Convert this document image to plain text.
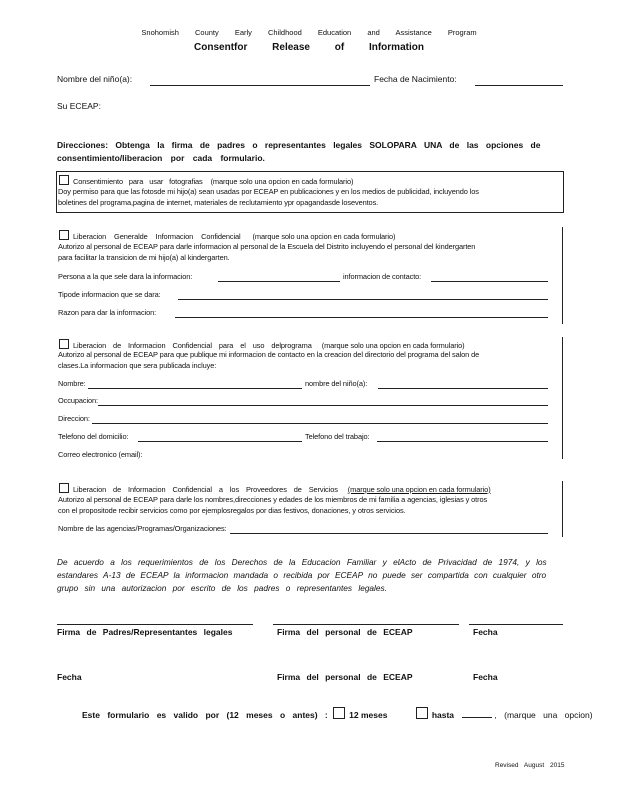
Snohomish County Early Childhood Education and Assistance Program
Consentfor Release of Information
Nombre del niño(a):	Fecha de Nacimiento:
Su ECEAP:
Direcciones: Obtenga la firma de padres o representantes legales SOLOPARA UNA de las opciones de
consentimiento/liberacion por cada formulario.
Consentimiento para usar fotografias (marque solo una opcion en cada formulario)
Doy permiso para que las fotosde mi hijo(a) sean usadas por ECEAP en publicaciones y en los medios de publicidad, incluyendo los
boletines del programa,pagina de internet, materiales de reclutamiento ypr opagandasde loseventos.
Liberacion Generalde Informacion Confidencial (marque solo una opcion en cada formulario)
Autorizo al personal de ECEAP para darle informacion al personal de la Escuela del Distrito incluyendo el personal del kindergarten
para facilitar la transicion de mi hijo(a) al kindergarten.
Persona a la que sele dara la informacion:	informacion de contacto:
Tipode informacion que se dara:
Razon para dar la informacion:
Liberacion de Informacion Confidencial para el uso delprograma (marque solo una opcion en cada formulario)
Autorizo al personal de ECEAP para que publique mi informacion de contacto en la creacion del directorio del programa del salon de
clases.La informacion que sera publicada incluye:
Nombre:	nombre del niño(a):
Occupacion:
Direccion:
Telefono del domicilio:	Telefono del trabajo:
Correo electronico (email):
Liberacion de Informacion Confidencial a los Proveedores de Servicios (marque solo una opcion en cada formulario)
Autorizo al personal de ECEAP para darle los nombres,direcciones y edades de los miembros de mi familia a agencias, iglesias y otros
con el propositode recibir servicios como por ejemplosregalos por dias festivos, donaciones, y otros servicios.
Nombre de las agencias/Programas/Organizaciones:
De acuerdo a los requerimientos de los Derechos de la Educacion Familiar y elActo de Privacidad de 1974, y los
estandares A-13 de ECEAP la informacion mandada o recibida por ECEAP no puede ser compartida con cualquier otro
grupo sin una autorizacion por escrito de los padres o representantes legales.
Firma de Padres/Representantes legales	Firma del personal de ECEAP	Fecha
Fecha	Firma del personal de ECEAP	Fecha
Este formulario es valido por (12 meses o antes) :	12 meses	hasta	, (marque una opcion)
Revised August 2015
